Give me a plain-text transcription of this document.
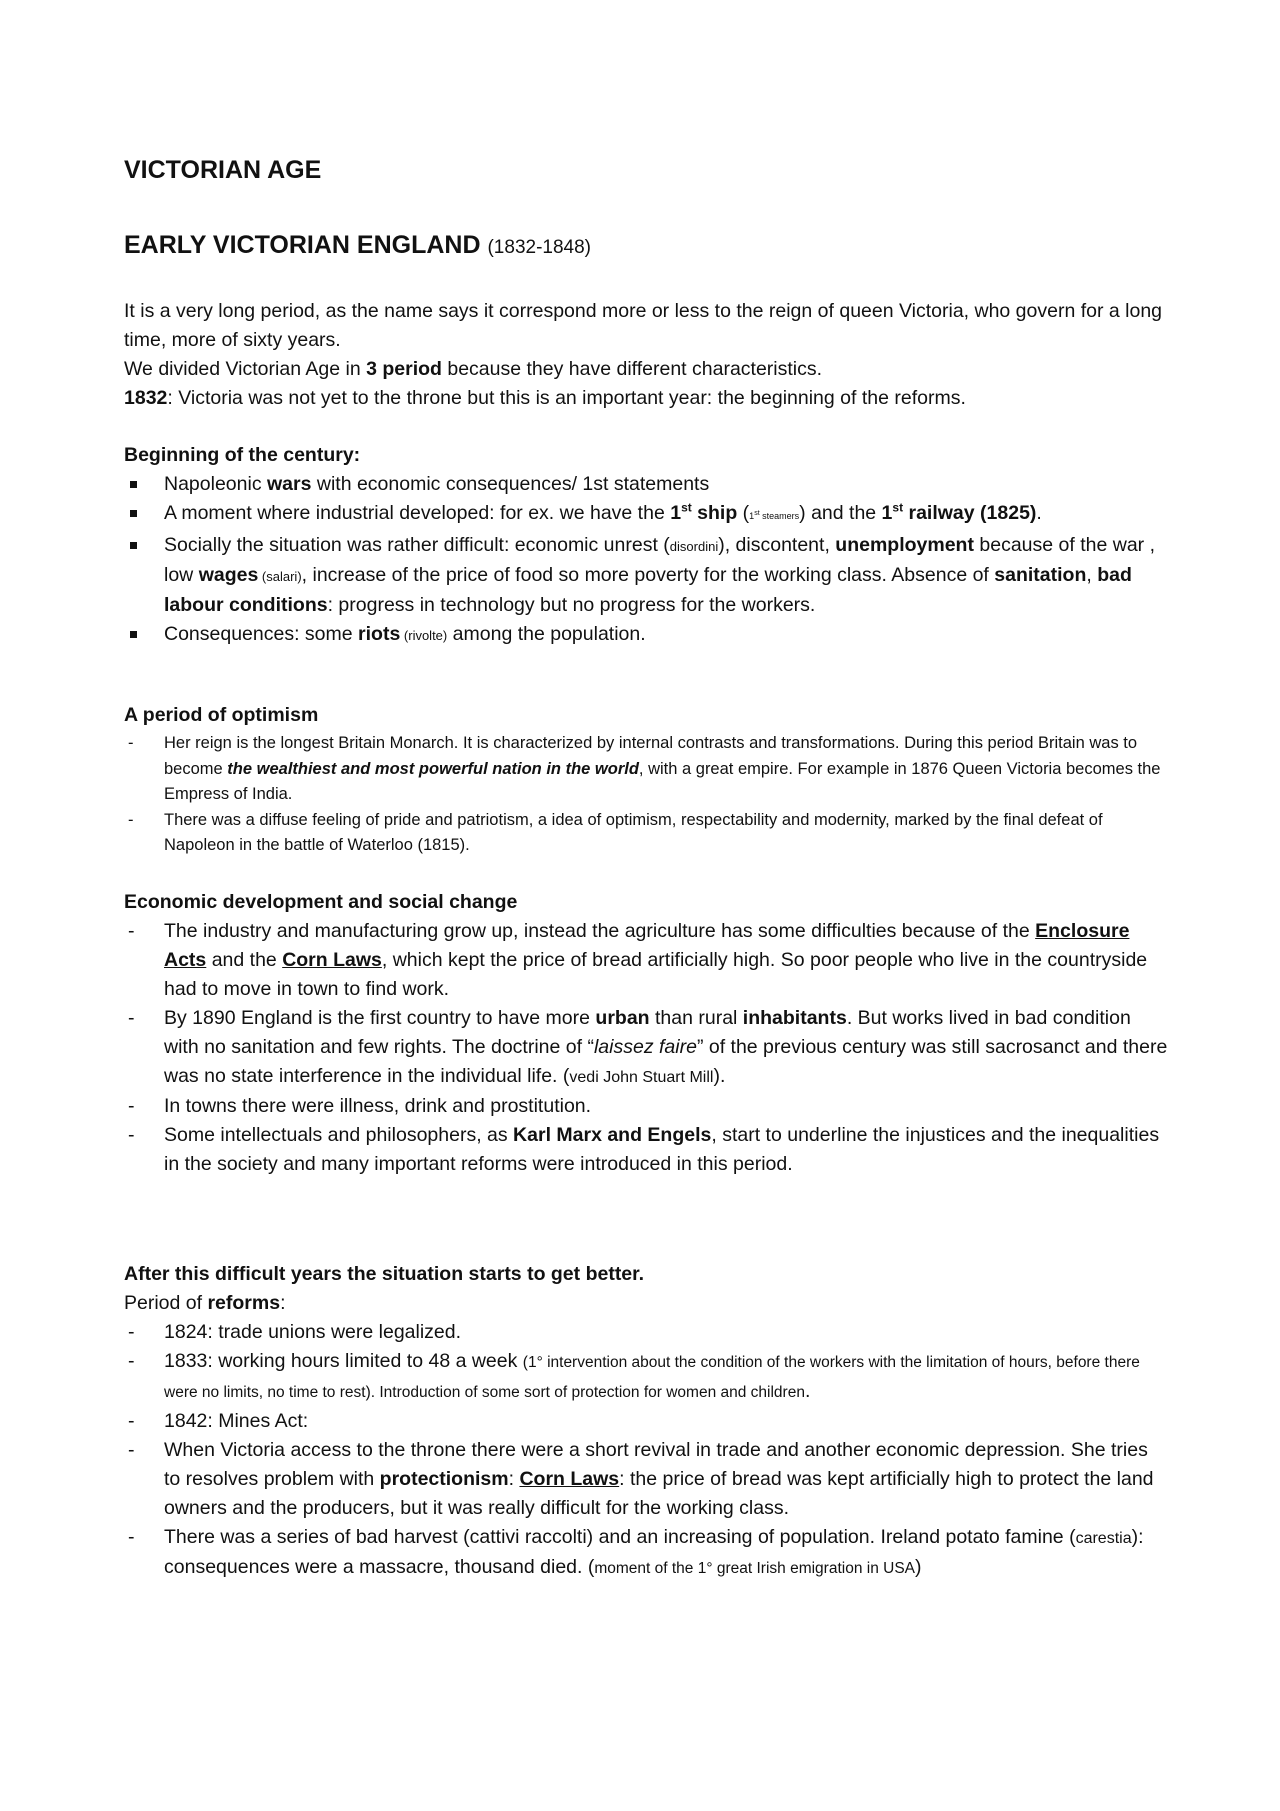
VICTORIAN AGE
EARLY VICTORIAN ENGLAND (1832-1848)

It is a very long period, as the name says it correspond more or less to the reign of queen Victoria, who govern for a long time, more of sixty years.
We divided Victorian Age in 3 period because they have different characteristics.
1832: Victoria was not yet to the throne but this is an important year: the beginning of the reforms.

Beginning of the century:
Napoleonic wars with economic consequences/ 1st statements
A moment where industrial developed: for ex. we have the 1st ship (1st steamers) and the 1st railway (1825).
Socially the situation was rather difficult: economic unrest (disordini), discontent, unemployment because of the war , low wages (salari), increase of the price of food so more poverty for the working class. Absence of sanitation, bad labour conditions: progress in technology but no progress for the workers.
Consequences: some riots (rivolte) among the population.
A period of optimism
- Her reign is the longest Britain Monarch. It is characterized by internal contrasts and transformations. During this period Britain was to become the wealthiest and most powerful nation in the world, with a great empire. For example in 1876 Queen Victoria becomes the Empress of India.
- There was a diffuse feeling of pride and patriotism, a idea of optimism, respectability and modernity, marked by the final defeat of Napoleon in the battle of Waterloo (1815).
Economic development and social change
- The industry and manufacturing grow up, instead the agriculture has some difficulties because of the Enclosure Acts and the Corn Laws, which kept the price of bread artificially high. So poor people who live in the countryside had to move in town to find work.
- By 1890 England is the first country to have more urban than rural inhabitants. But works lived in bad condition with no sanitation and few rights. The doctrine of “laissez faire” of the previous century was still sacrosanct and there was no state interference in the individual life. (vedi John Stuart Mill).
- In towns there were illness, drink and prostitution.
- Some intellectuals and philosophers, as Karl Marx and Engels, start to underline the injustices and the inequalities in the society and many important reforms were introduced in this period.
After this difficult years the situation starts to get better.

Period of reforms:

- 1824: trade unions were legalized.
- 1833: working hours limited to 48 a week (1° intervention about the condition of the workers with the limitation of hours, before there were no limits, no time to rest). Introduction of some sort of protection for women and children.
- 1842: Mines Act:
- When Victoria access to the throne there were a short revival in trade and another economic depression. She tries to resolves problem with protectionism: Corn Laws: the price of bread was kept artificially high to protect the land owners and the producers, but it was really difficult for the working class.
- There was a series of bad harvest (cattivi raccolti) and an increasing of population. Ireland potato famine (carestia): consequences were a massacre, thousand died. (moment of the 1° great Irish emigration in USA)
